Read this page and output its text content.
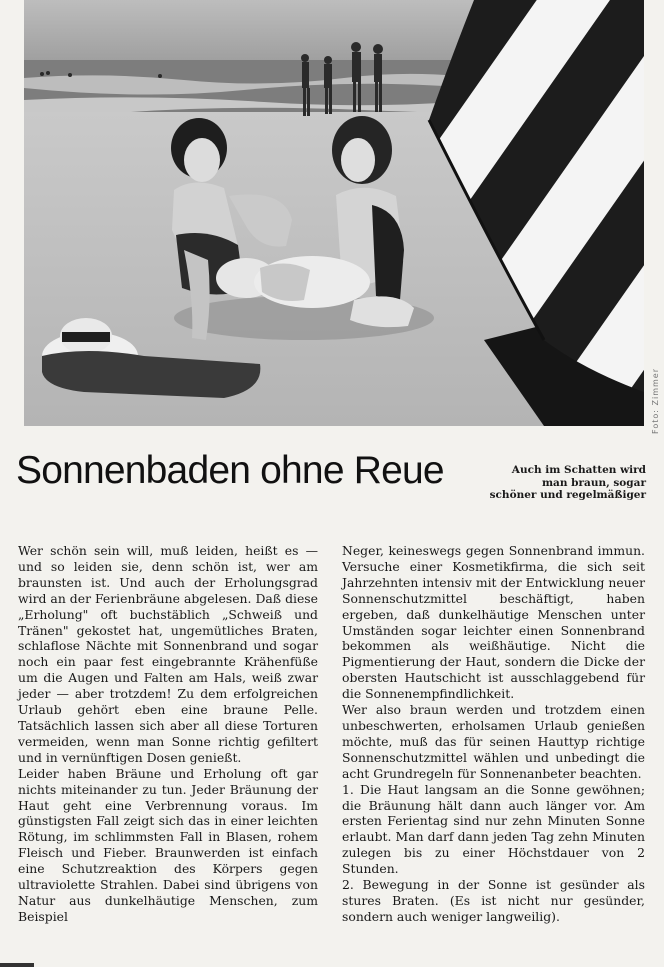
Foto: Zimmer
Sonnenbaden ohne Reue	Auch im Schatten wird
man braun, sogar
schöner und regelmäßiger

Wer schön sein will, muß leiden, heißt es — und so leiden sie, denn schön ist, wer am braunsten ist. Und auch der Erholungsgrad wird an der Ferienbräune abgelesen. Daß diese „Erholung" oft buchstäblich „Schweiß und Tränen" gekostet hat, ungemütliches Braten, schlaflose Nächte mit Sonnenbrand und sogar noch ein paar fest eingebrannte Krähenfüße um die Augen und Falten am Hals, weiß zwar jeder — aber trotzdem! Zu dem erfolgreichen Urlaub gehört eben eine braune Pelle. Tatsächlich lassen sich aber all diese Torturen vermeiden, wenn man Sonne richtig gefiltert und in vernünftigen Dosen genießt.

Leider haben Bräune und Erholung oft gar nichts miteinander zu tun. Jeder Bräunung der Haut geht eine Verbrennung voraus. Im günstigsten Fall zeigt sich das in einer leichten Rötung, im schlimmsten Fall in Blasen, rohem Fleisch und Fieber. Braunwerden ist einfach eine Schutzreaktion des Körpers gegen ultraviolette Strahlen. Dabei sind übrigens von Natur aus dunkelhäutige Menschen, zum Beispiel

Neger, keineswegs gegen Sonnenbrand immun. Versuche einer Kosmetikfirma, die sich seit Jahrzehnten intensiv mit der Entwicklung neuer Sonnenschutzmittel beschäftigt, haben ergeben, daß dunkelhäutige Menschen unter Umständen sogar leichter einen Sonnenbrand bekommen als weißhäutige. Nicht die Pigmentierung der Haut, sondern die Dicke der obersten Hautschicht ist ausschlaggebend für die Sonnenempfindlichkeit.

Wer also braun werden und trotzdem einen unbeschwerten, erholsamen Urlaub genießen möchte, muß das für seinen Hauttyp richtige Sonnenschutzmittel wählen und unbedingt die acht Grundregeln für Sonnenanbeter beachten.

1. Die Haut langsam an die Sonne gewöhnen; die Bräunung hält dann auch länger vor. Am ersten Ferientag sind nur zehn Minuten Sonne erlaubt. Man darf dann jeden Tag zehn Minuten zulegen bis zu einer Höchstdauer von 2 Stunden.

2. Bewegung in der Sonne ist gesünder als stures Braten. (Es ist nicht nur gesünder, sondern auch weniger langweilig).
